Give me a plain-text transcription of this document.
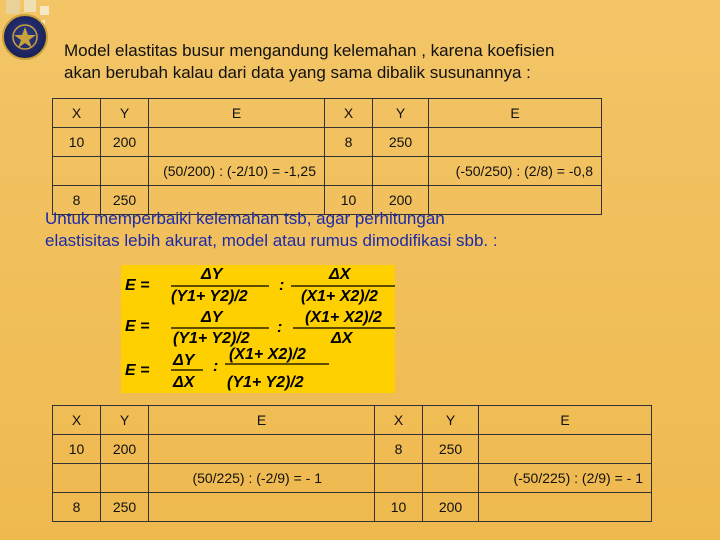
Model elastitas busur mengandung kelemahan , karena koefisien
akan berubah kalau dari data yang sama dibalik susunannya :
X	Y	E	X	Y	E
10	200		8	250	
		(50/200) : (-2/10) = -1,25			(-50/250) : (2/8) = -0,8
8	250		10	200	
Untuk memperbaiki kelemahan tsb, agar perhitungan
elastisitas lebih akurat, model atau rumus dimodifikasi sbb. :
E =
ΔY
(Y1+ Y2)/2
:
ΔX
(X1+ X2)/2
E =
ΔY
(Y1+ Y2)/2
:
(X1+ X2)/2
ΔX
E =
ΔY :
(X1+ X2)/2
ΔX (Y1+ Y2)/2
X	Y	E	X	Y	E
10	200		8	250	
		(50/225) : (-2/9) = - 1			(-50/225) : (2/9) = - 1
8	250		10	200	
